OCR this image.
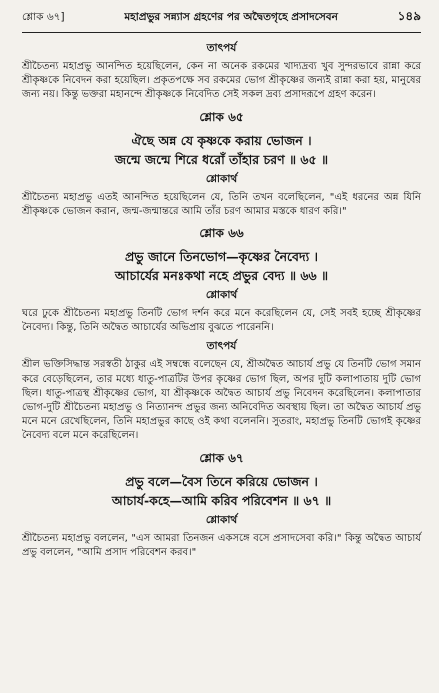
শ্লোক ৬৭]	মহাপ্রভুর সন্ন্যাস গ্রহণের পর অদ্বৈতগৃহে প্রসাদসেবন	১৪৯
তাৎপর্য

শ্রীচৈতন্য মহাপ্রভু আনন্দিত হয়েছিলেন, কেন না অনেক রকমের খাদ্যদ্রব্য খুব সুন্দরভাবে রান্না করে শ্রীকৃষ্ণকে নিবেদন করা হয়েছিল। প্রকৃতপক্ষে সব রকমের ভোগ শ্রীকৃষ্ণের জন্যই রান্না করা হয়, মানুষের জন্য নয়। কিন্তু ভক্তরা মহানন্দে শ্রীকৃষ্ণকে নিবেদিত সেই সকল দ্রব্য প্রসাদরূপে গ্রহণ করেন।

শ্লোক ৬৫
ঐছে অন্ন যে কৃষ্ণকে করায় ভোজন ।
জন্মে জন্মে শিরে ধরোঁ তাঁহার চরণ ॥ ৬৫ ॥
শ্লোকার্থ

শ্রীচৈতন্য মহাপ্রভু এতই আনন্দিত হয়েছিলেন যে, তিনি তখন বলেছিলেন, "এই ধরনের অন্ন যিনি শ্রীকৃষ্ণকে ভোজন করান, জন্ম-জন্মান্তরে আমি তাঁর চরণ আমার মস্তকে ধারণ করি।"

শ্লোক ৬৬
প্রভু জানে তিনভোগ—কৃষ্ণের নৈবেদ্য ।
আচার্যের মনঃকথা নহে প্রভুর বেদ্য ॥ ৬৬ ॥
শ্লোকার্থ

ঘরে ঢুকে শ্রীচৈতন্য মহাপ্রভু তিনটি ভোগ দর্শন করে মনে করেছিলেন যে, সেই সবই হচ্ছে শ্রীকৃষ্ণের নৈবেদ্য। কিন্তু, তিনি অদ্বৈত আচার্যের অভিপ্রায় বুঝতে পারেননি।

তাৎপর্য

শ্রীল ভক্তিসিদ্ধান্ত সরস্বতী ঠাকুর এই সম্বন্ধে বলেছেন যে, শ্রীঅদ্বৈত আচার্য প্রভু যে তিনটি ভোগ সমান করে বেড়েছিলেন, তার মধ্যে ধাতু-পাত্রটির উপর কৃষ্ণের ভোগ ছিল, অপর দুটি কলাপাতায় দুটি ভোগ ছিল। ধাতু-পাত্রস্থ শ্রীকৃষ্ণের ভোগ, যা শ্রীকৃষ্ণকে অদ্বৈত আচার্য প্রভু নিবেদন করেছিলেন। কলাপাতার ভোগ-দুটি শ্রীচৈতন্য মহাপ্রভু ও নিত্যানন্দ প্রভুর জন্য অনিবেদিত অবস্থায় ছিল। তা অদ্বৈত আচার্য প্রভু মনে মনে রেখেছিলেন, তিনি মহাপ্রভুর কাছে ওই কথা বলেননি। সুতরাং, মহাপ্রভু তিনটি ভোগই কৃষ্ণের নৈবেদ্য বলে মনে করেছিলেন।

শ্লোক ৬৭
প্রভু বলে—বৈস তিনে করিয়ে ভোজন ।
আচার্য-কহে—আমি করিব পরিবেশন ॥ ৬৭ ॥
শ্লোকার্থ

শ্রীচৈতন্য মহাপ্রভু বললেন, "এস আমরা তিনজন একসঙ্গে বসে প্রসাদসেবা করি।" কিন্তু অদ্বৈত আচার্য প্রভু বললেন, "আমি প্রসাদ পরিবেশন করব।"
